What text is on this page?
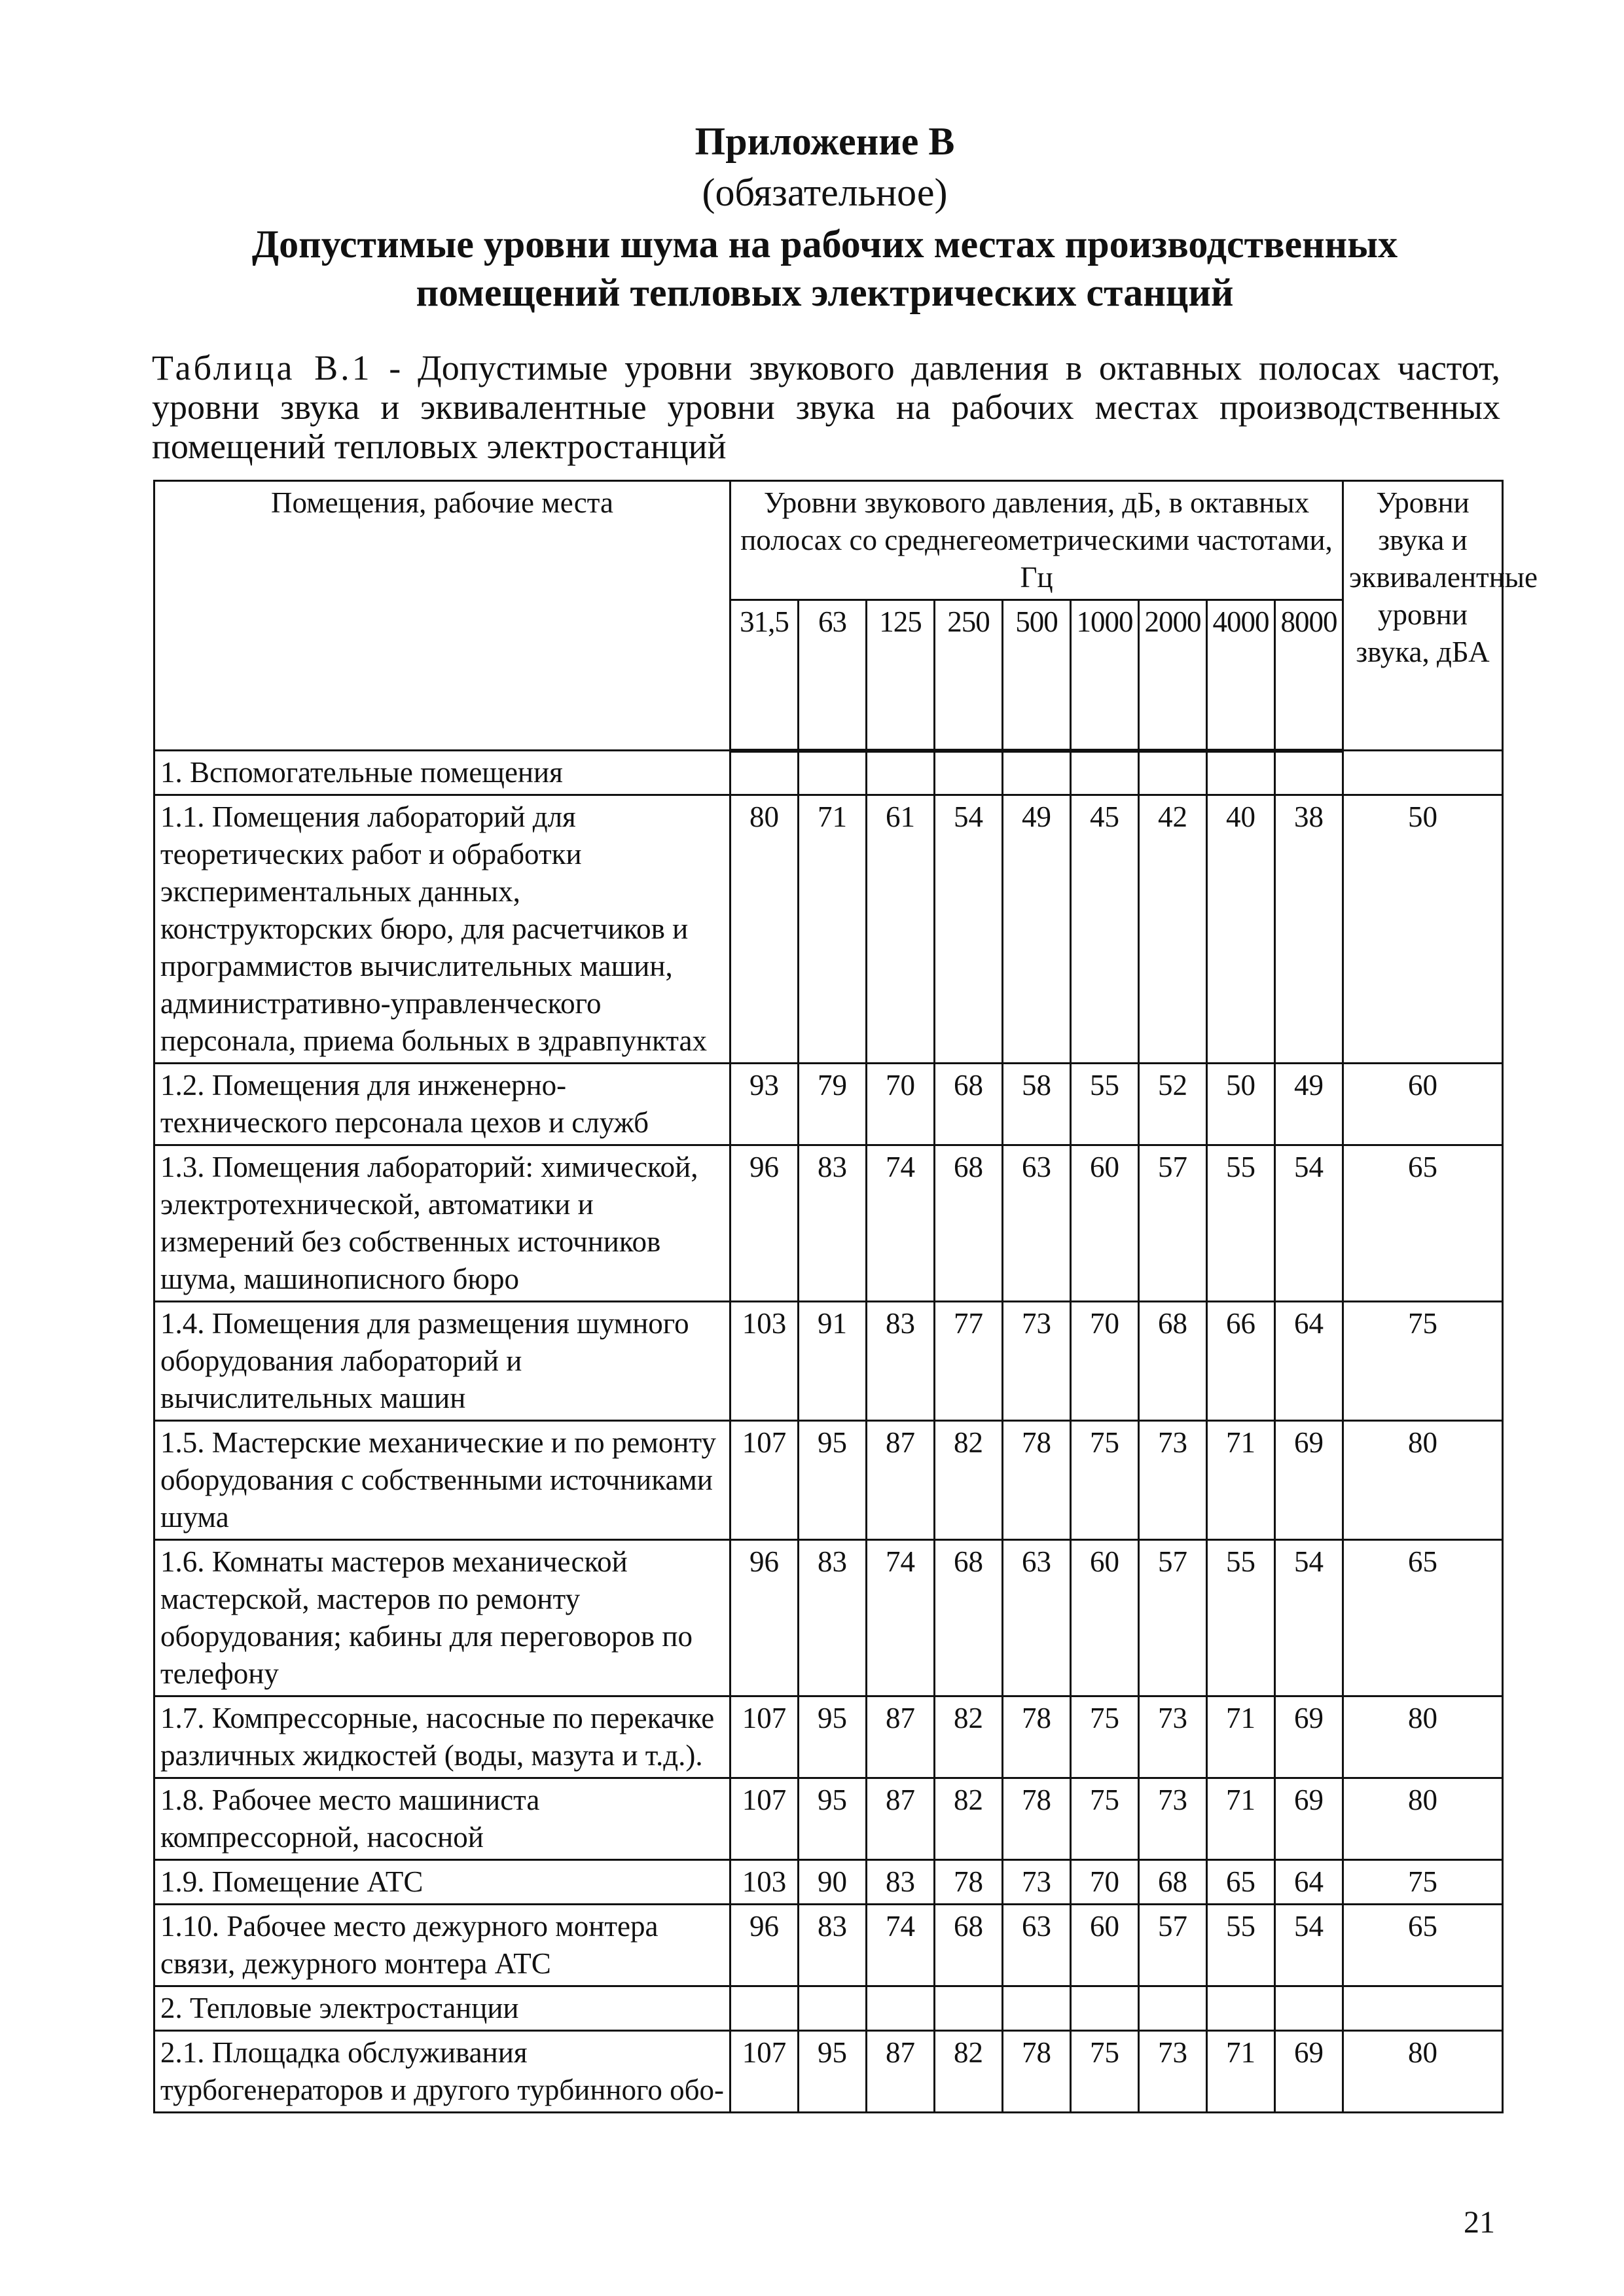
Приложение В
(обязательное)
Допустимые уровни шума на рабочих местах производственных помещений тепловых электрических станций
Таблица В.1 - Допустимые уровни звукового давления в октавных полосах частот, уровни звука и эквивалентные уровни звука на рабочих местах производственных помещений тепловых электростанций
Помещения, рабочие места	Уровни звукового давления, дБ, в октавных полосах со среднегеометрическими частотами, Гц									Уровни звука и эквивалентные уровни звука, дБА
	31,5	63	125	250	500	1000	2000	4000	8000	
1. Вспомогательные помещения										
1.1. Помещения лабораторий для теоретических работ и обработки экспериментальных данных, конструкторских бюро, для расчетчиков и программистов вычислительных машин, административно-управленческого персонала, приема больных в здравпунктах	80	71	61	54	49	45	42	40	38	50
1.2. Помещения для инженерно-технического персонала цехов и служб	93	79	70	68	58	55	52	50	49	60
1.3. Помещения лабораторий: химической, электротехнической, автоматики и измерений без собственных источников шума, машинописного бюро	96	83	74	68	63	60	57	55	54	65
1.4. Помещения для размещения шумного оборудования лабораторий и вычислительных машин	103	91	83	77	73	70	68	66	64	75
1.5. Мастерские механические и по ремонту оборудования с собственными источниками шума	107	95	87	82	78	75	73	71	69	80
1.6. Комнаты мастеров механической мастерской, мастеров по ремонту оборудования; кабины для переговоров по телефону	96	83	74	68	63	60	57	55	54	65
1.7. Компрессорные, насосные по перекачке различных жидкостей (воды, мазута и т.д.).	107	95	87	82	78	75	73	71	69	80
1.8. Рабочее место машиниста компрессорной, насосной	107	95	87	82	78	75	73	71	69	80
1.9. Помещение АТС	103	90	83	78	73	70	68	65	64	75
1.10. Рабочее место дежурного монтера связи, дежурного монтера АТС	96	83	74	68	63	60	57	55	54	65
2. Тепловые электростанции										
2.1. Площадка обслуживания турбогенераторов и другого турбинного обо-	107	95	87	82	78	75	73	71	69	80
21
